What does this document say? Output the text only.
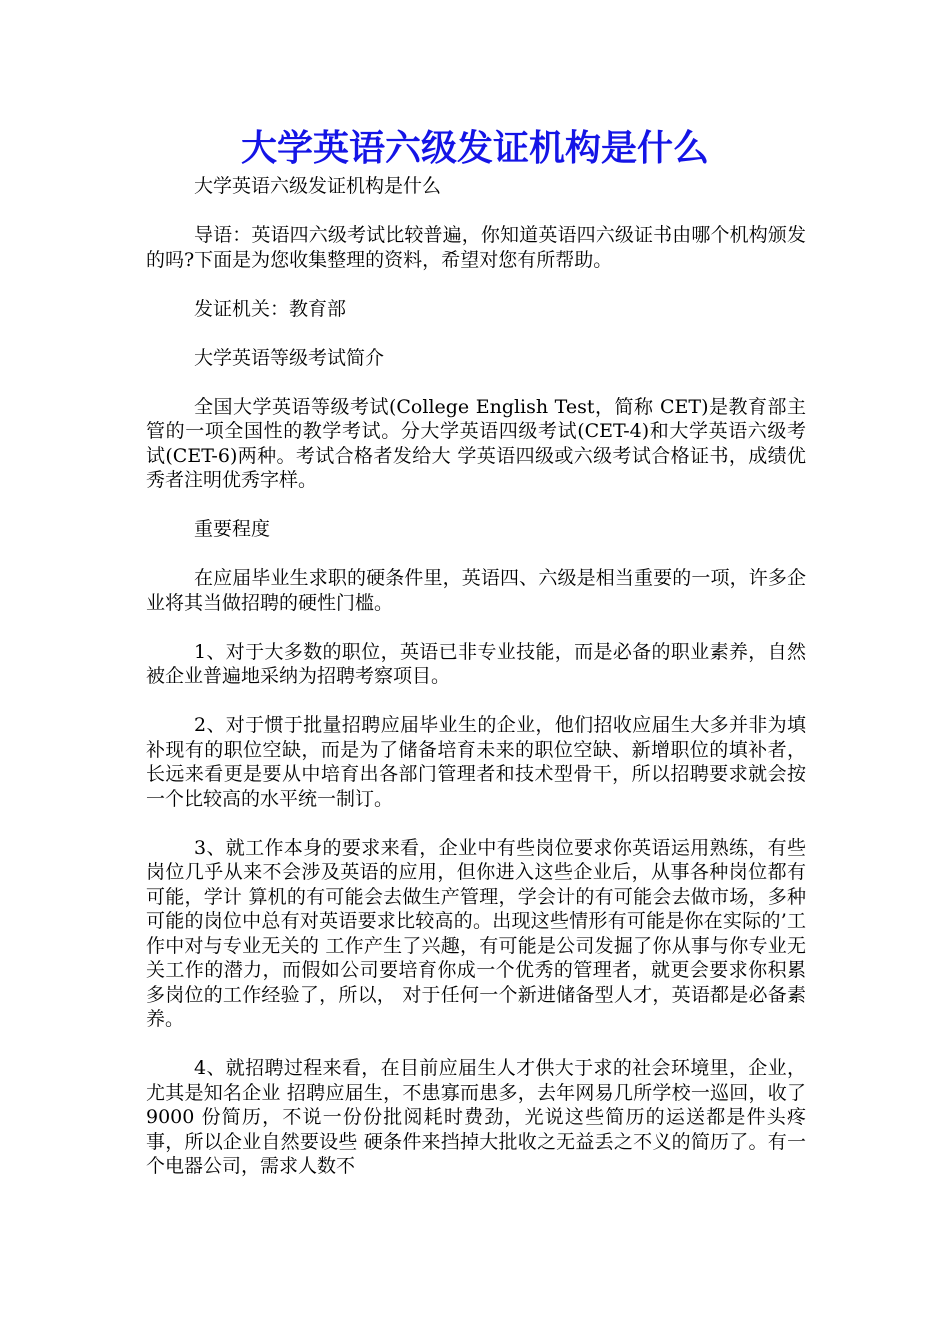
大学英语六级发证机构是什么

大学英语六级发证机构是什么

导语：英语四六级考试比较普遍，你知道英语四六级证书由哪个机构颁发的吗?下面是为您收集整理的资料，希望对您有所帮助。

发证机关：教育部

大学英语等级考试简介

全国大学英语等级考试(College English Test，简称 CET)是教育部主管的一项全国性的教学考试。分大学英语四级考试(CET-4)和大学英语六级考试(CET-6)两种。考试合格者发给大 学英语四级或六级考试合格证书，成绩优秀者注明优秀字样。

重要程度

在应届毕业生求职的硬条件里，英语四、六级是相当重要的一项，许多企业将其当做招聘的硬性门槛。

1、对于大多数的职位，英语已非专业技能，而是必备的职业素养，自然被企业普遍地采纳为招聘考察项目。

2、对于惯于批量招聘应届毕业生的企业，他们招收应届生大多并非为填补现有的职位空缺，而是为了储备培育未来的职位空缺、新增职位的填补者，长远来看更是要从中培育出各部门管理者和技术型骨干，所以招聘要求就会按一个比较高的水平统一制订。

3、就工作本身的要求来看，企业中有些岗位要求你英语运用熟练，有些岗位几乎从来不会涉及英语的应用，但你进入这些企业后，从事各种岗位都有可能，学计 算机的有可能会去做生产管理，学会计的有可能会去做市场，多种可能的岗位中总有对英语要求比较高的。出现这些情形有可能是你在实际的’工作中对与专业无关的 工作产生了兴趣，有可能是公司发掘了你从事与你专业无关工作的潜力，而假如公司要培育你成一个优秀的管理者，就更会要求你积累多岗位的工作经验了，所以， 对于任何一个新进储备型人才，英语都是必备素养。

4、就招聘过程来看，在目前应届生人才供大于求的社会环境里，企业，尤其是知名企业 招聘应届生，不患寡而患多，去年网易几所学校一巡回，收了 9000 份简历，不说一份份批阅耗时费劲，光说这些简历的运送都是件头疼事，所以企业自然要设些 硬条件来挡掉大批收之无益丢之不义的简历了。有一个电器公司，需求人数不
